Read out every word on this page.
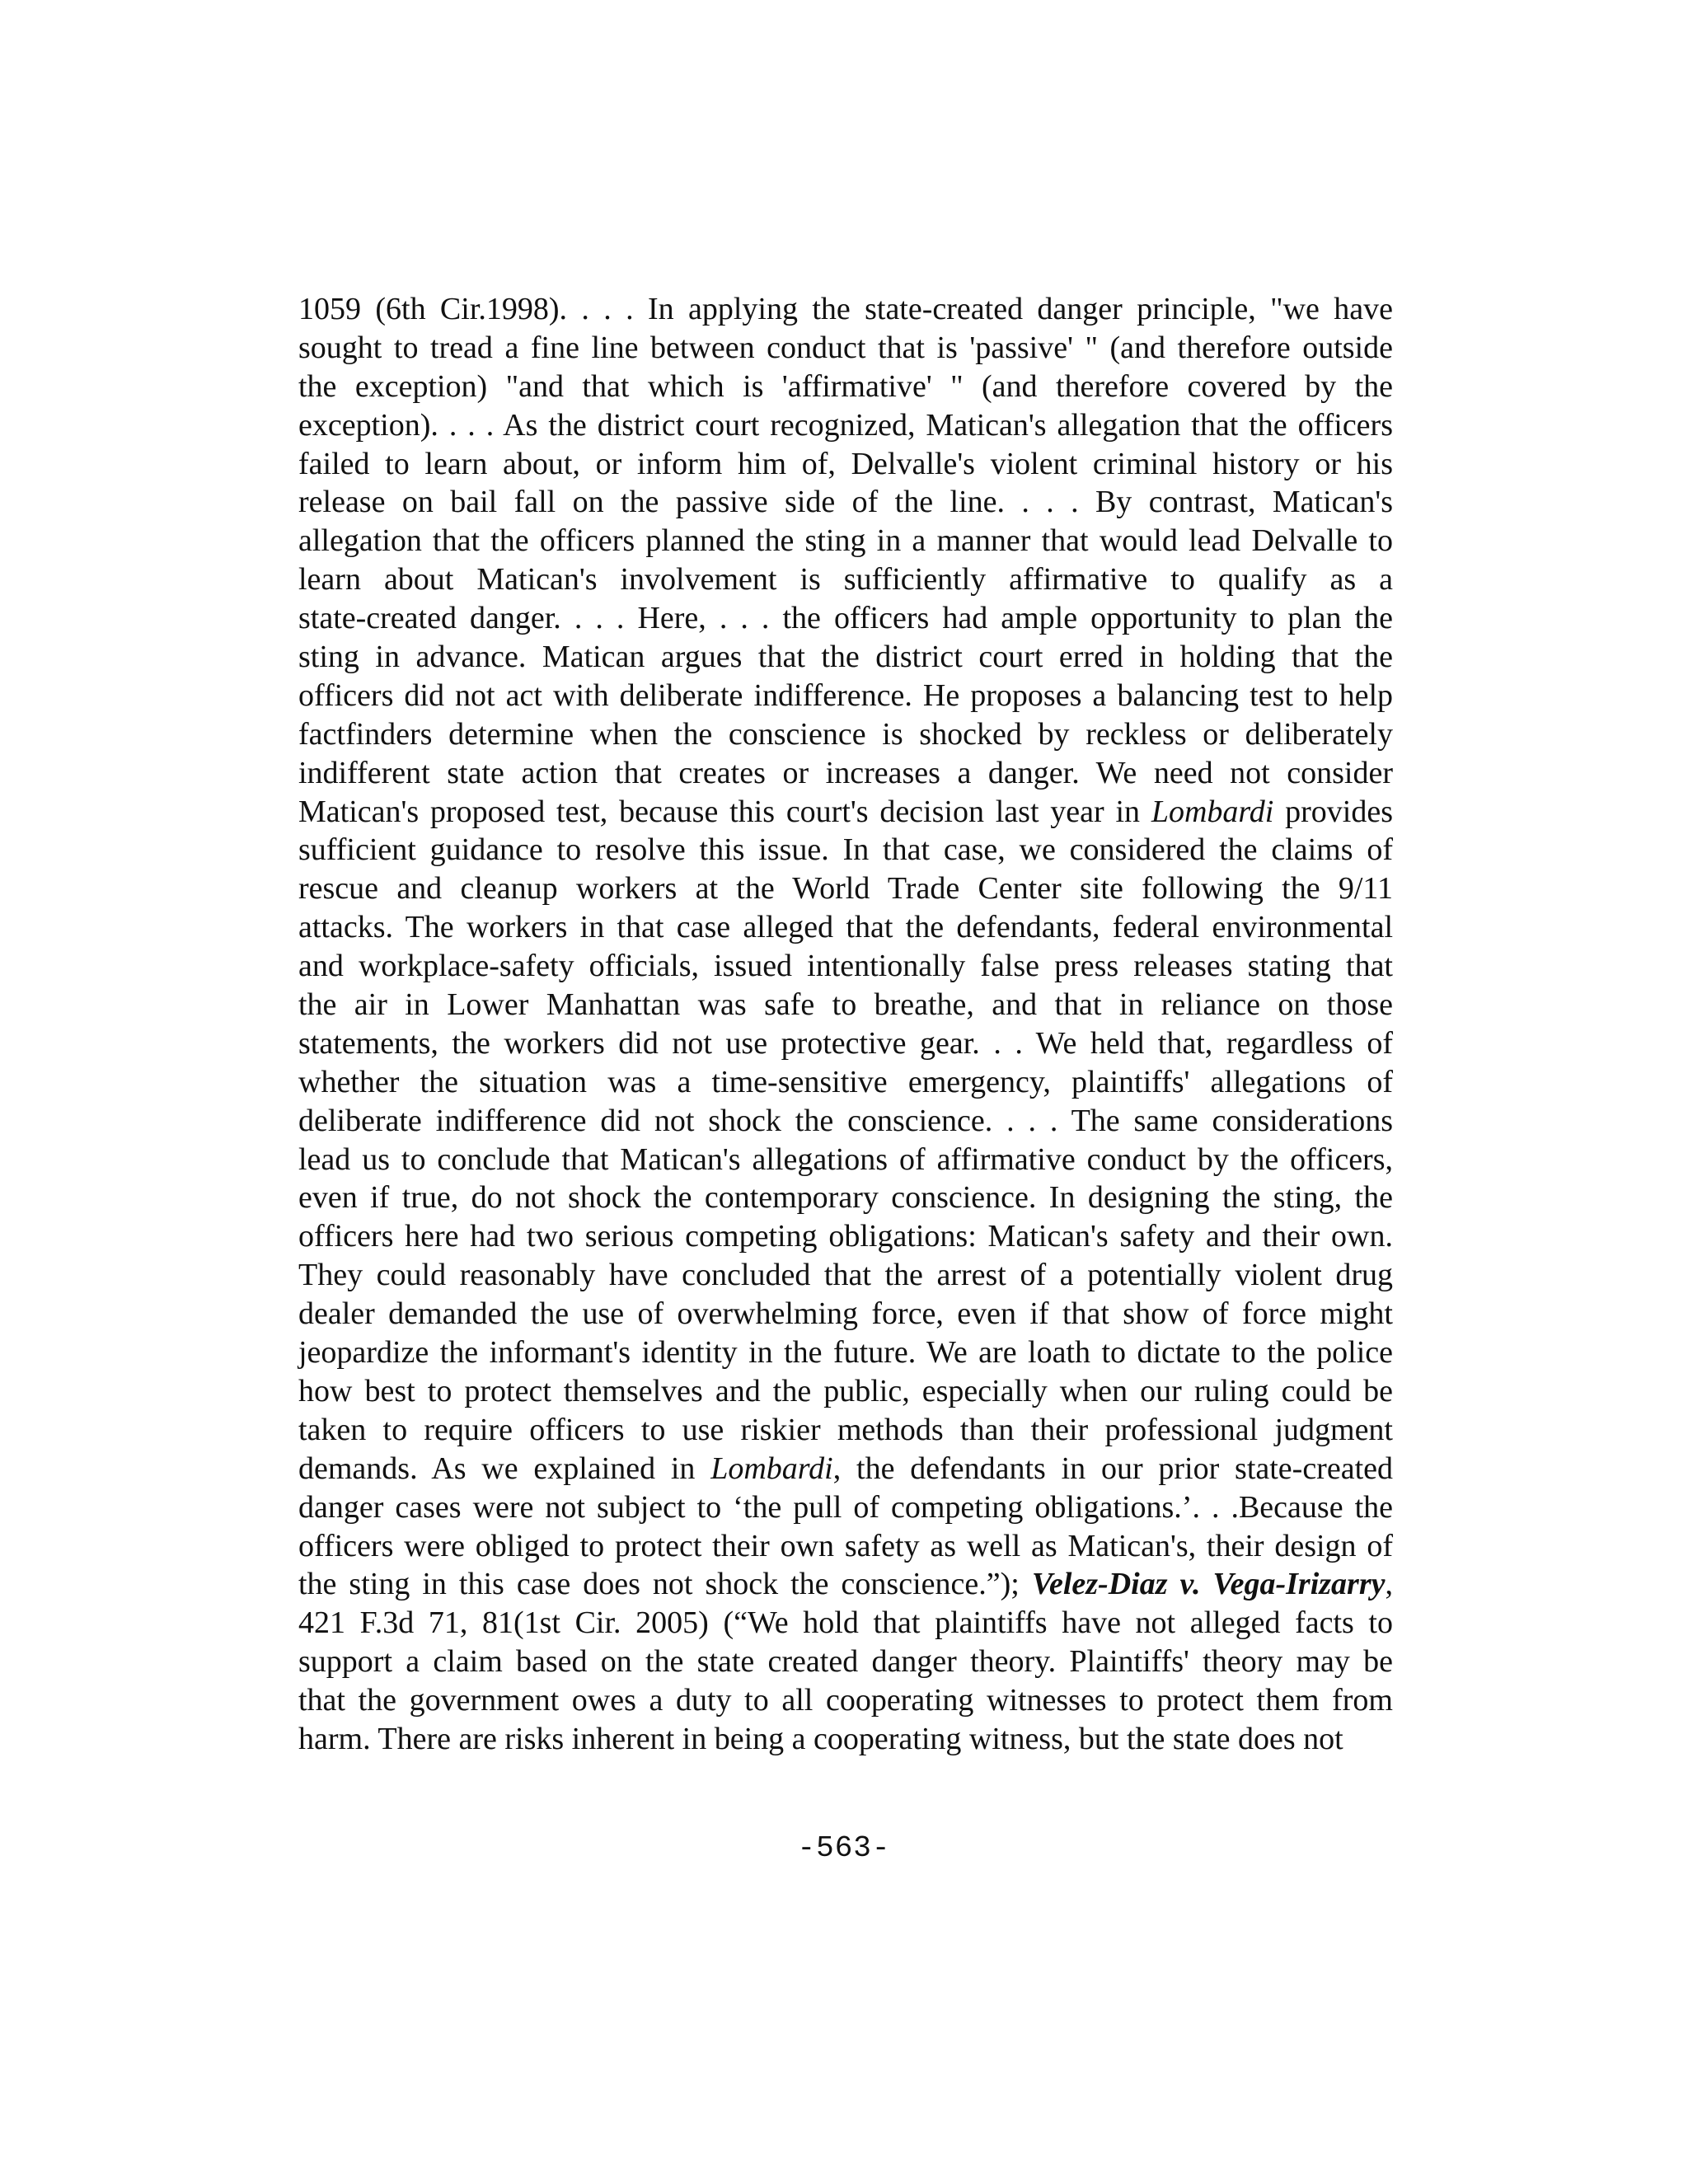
1059 (6th Cir.1998). . . . In applying the state-created danger principle, "we have
sought to tread a fine line between conduct that is 'passive' " (and therefore outside
the exception) "and that which is 'affirmative' " (and therefore covered by the
exception). . . . As the district court recognized, Matican's allegation that the officers
failed to learn about, or inform him of, Delvalle's violent criminal history or his
release on bail fall on the passive side of the line. . . . By contrast, Matican's
allegation that the officers planned the sting in a manner that would lead Delvalle to
learn about Matican's involvement is sufficiently affirmative to qualify as a
state-created danger. . . . Here, . . . the officers had ample opportunity to plan the
sting in advance. Matican argues that the district court erred in holding that the
officers did not act with deliberate indifference. He proposes a balancing test to help
factfinders determine when the conscience is shocked by reckless or deliberately
indifferent state action that creates or increases a danger. We need not consider
Matican's proposed test, because this court's decision last year in Lombardi provides
sufficient guidance to resolve this issue. In that case, we considered the claims of
rescue and cleanup workers at the World Trade Center site following the 9/11
attacks. The workers in that case alleged that the defendants, federal environmental
and workplace-safety officials, issued intentionally false press releases stating that
the air in Lower Manhattan was safe to breathe, and that in reliance on those
statements, the workers did not use protective gear. . . We held that, regardless of
whether the situation was a time-sensitive emergency, plaintiffs' allegations of
deliberate indifference did not shock the conscience. . . . The same considerations
lead us to conclude that Matican's allegations of affirmative conduct by the officers,
even if true, do not shock the contemporary conscience. In designing the sting, the
officers here had two serious competing obligations: Matican's safety and their own.
They could reasonably have concluded that the arrest of a potentially violent drug
dealer demanded the use of overwhelming force, even if that show of force might
jeopardize the informant's identity in the future. We are loath to dictate to the police
how best to protect themselves and the public, especially when our ruling could be
taken to require officers to use riskier methods than their professional judgment
demands. As we explained in Lombardi, the defendants in our prior state-created
danger cases were not subject to ‘the pull of competing obligations.’. . .Because the
officers were obliged to protect their own safety as well as Matican's, their design of
the sting in this case does not shock the conscience.”); Velez-Diaz v. Vega-Irizarry,
421 F.3d 71, 81(1st Cir. 2005) (“We hold that plaintiffs have not alleged facts to
support a claim based on the state created danger theory. Plaintiffs' theory may be
that the government owes a duty to all cooperating witnesses to protect them from
harm. There are risks inherent in being a cooperating witness, but the state does not
-563-
